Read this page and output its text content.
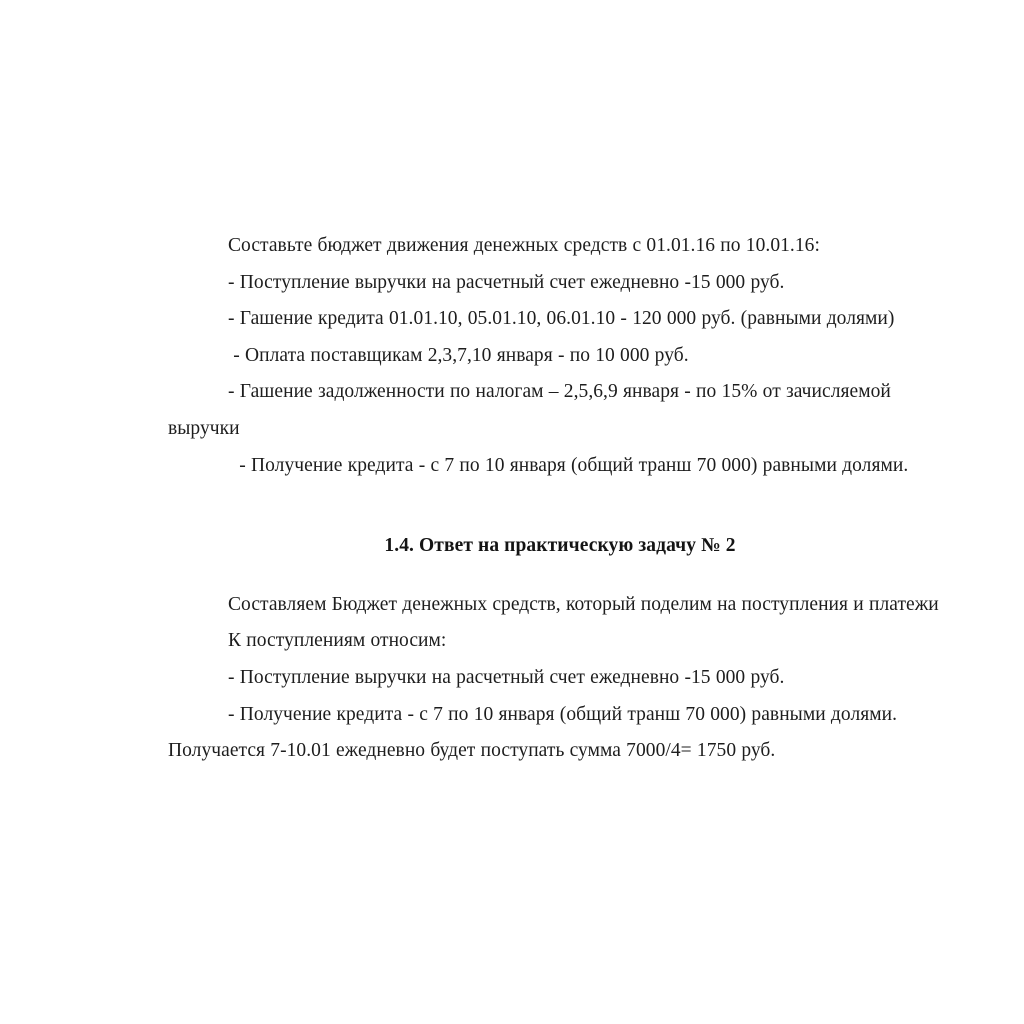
Составьте бюджет движения денежных средств с 01.01.16 по 10.01.16:

- Поступление выручки на расчетный счет ежедневно -15 000 руб.

- Гашение кредита 01.01.10, 05.01.10, 06.01.10 - 120 000 руб. (равными долями)

- Оплата поставщикам 2,3,7,10 января - по 10 000 руб.

- Гашение задолженности по налогам – 2,5,6,9 января - по 15% от зачисляемой выручки

- Получение кредита - с 7 по 10 января (общий транш 70 000) равными долями.

1.4. Ответ на практическую задачу № 2

Составляем Бюджет денежных средств, который поделим на поступления и платежи

К поступлениям относим:

- Поступление выручки на расчетный счет ежедневно -15 000 руб.

- Получение кредита - с 7 по 10 января (общий транш 70 000) равными долями.

Получается 7-10.01 ежедневно будет поступать сумма 7000/4= 1750 руб.
